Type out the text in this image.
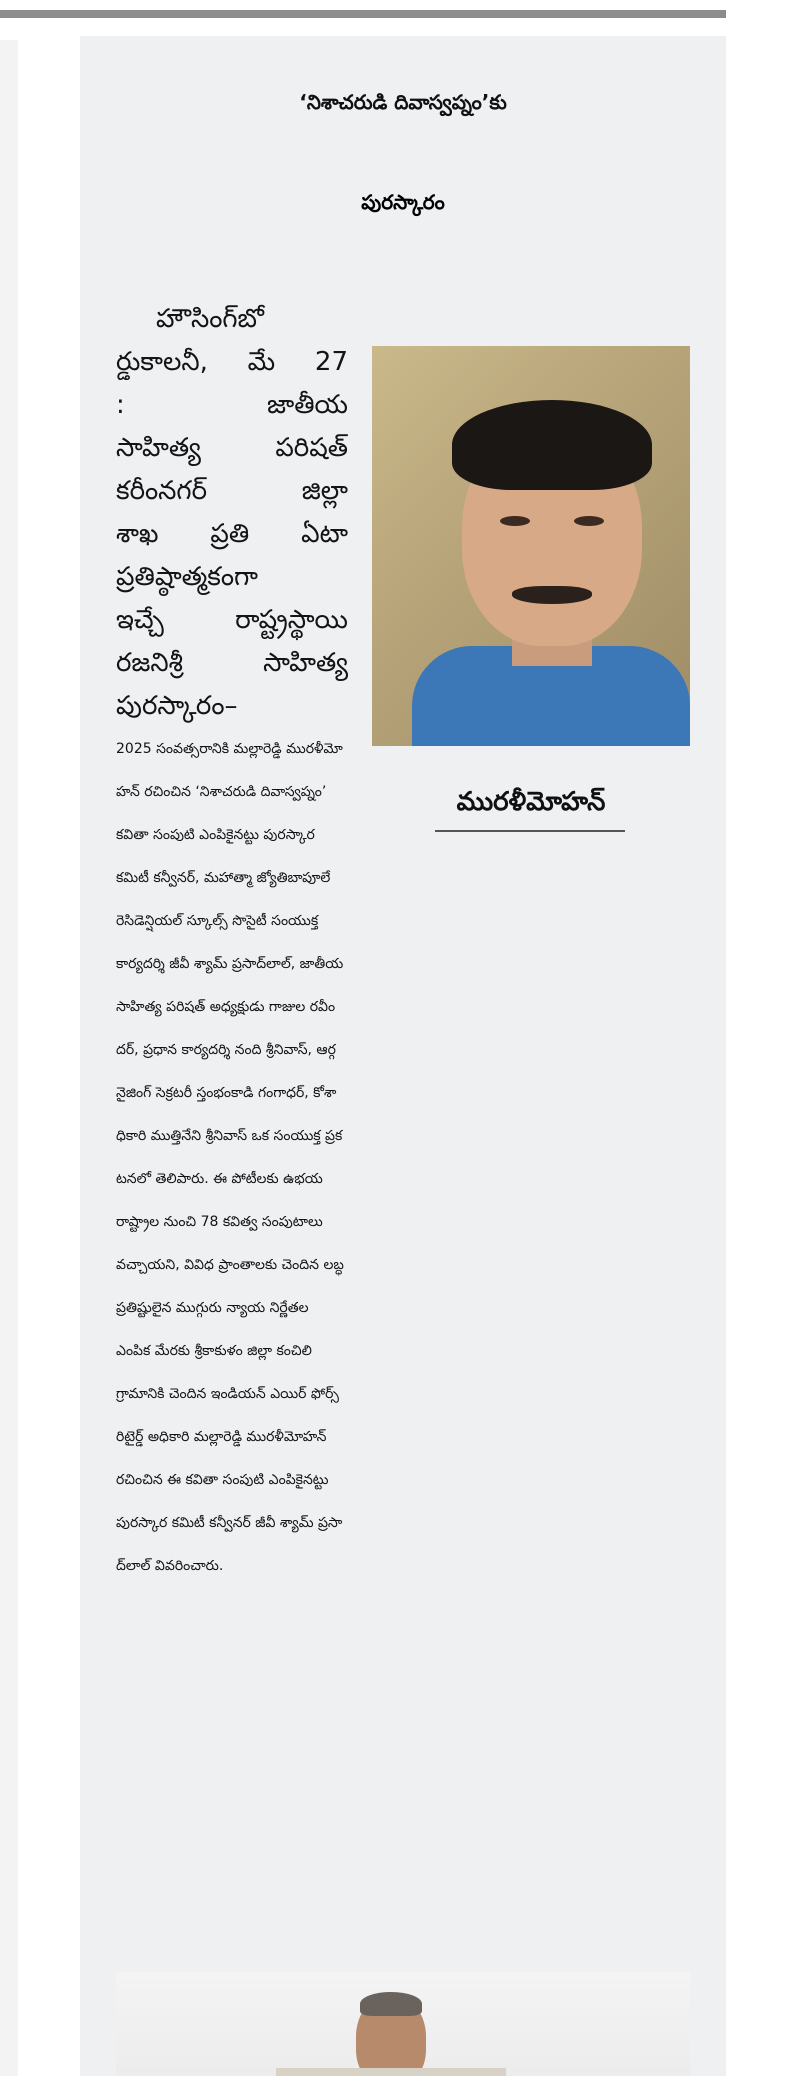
‘నిశాచరుడి దివాస్వప్నం’కు
పురస్కారం
మురళీమోహన్
హౌసింగ్‌బో
ర్డుకాలనీ, మే 27
: జాతీయ
సాహిత్య పరిషత్
కరీంనగర్ జిల్లా
శాఖ ప్రతి ఏటా
ప్రతిష్ఠాత్మకంగా
ఇచ్చే రాష్ట్రస్థాయి
రజనిశ్రీ సాహిత్య
పురస్కారం–
2025 సంవత్సరానికి మల్లారెడ్డి మురళీమో
హన్ రచించిన ‘నిశాచరుడి దివాస్వప్నం’
కవితా సంపుటి ఎంపికైనట్టు పురస్కార
కమిటీ కన్వీనర్, మహాత్మా జ్యోతిబాపూలే
రెసిడెన్షియల్ స్కూల్స్ సొసైటీ సంయుక్త
కార్యదర్శి జీవీ శ్యామ్ ప్రసాద్‌లాల్, జాతీయ
సాహిత్య పరిషత్ అధ్యక్షుడు గాజుల రవీం
దర్, ప్రధాన కార్యదర్శి నంది శ్రీనివాస్, ఆర్గ
నైజింగ్ సెక్రటరీ స్తంభంకాడి గంగాధర్, కోశా
ధికారి ముత్తినేని శ్రీనివాస్ ఒక సంయుక్త ప్రక
టనలో తెలిపారు. ఈ పోటీలకు ఉభయ
రాష్ట్రాల నుంచి 78 కవిత్వ సంపుటాలు
వచ్చాయని, వివిధ ప్రాంతాలకు చెందిన లబ్ధ
ప్రతిష్టులైన ముగ్గురు న్యాయ నిర్ణేతల
ఎంపిక మేరకు శ్రీకాకుళం జిల్లా కంచిలి
గ్రామానికి చెందిన ఇండియన్ ఎయిర్ ఫోర్స్
రిటైర్డ్ అధికారి మల్లారెడ్డి మురళీమోహన్
రచించిన ఈ కవితా సంపుటి ఎంపికైనట్టు
పురస్కార కమిటీ కన్వీనర్ జీవీ శ్యామ్ ప్రసా
ద్‌లాల్ వివరించారు.
